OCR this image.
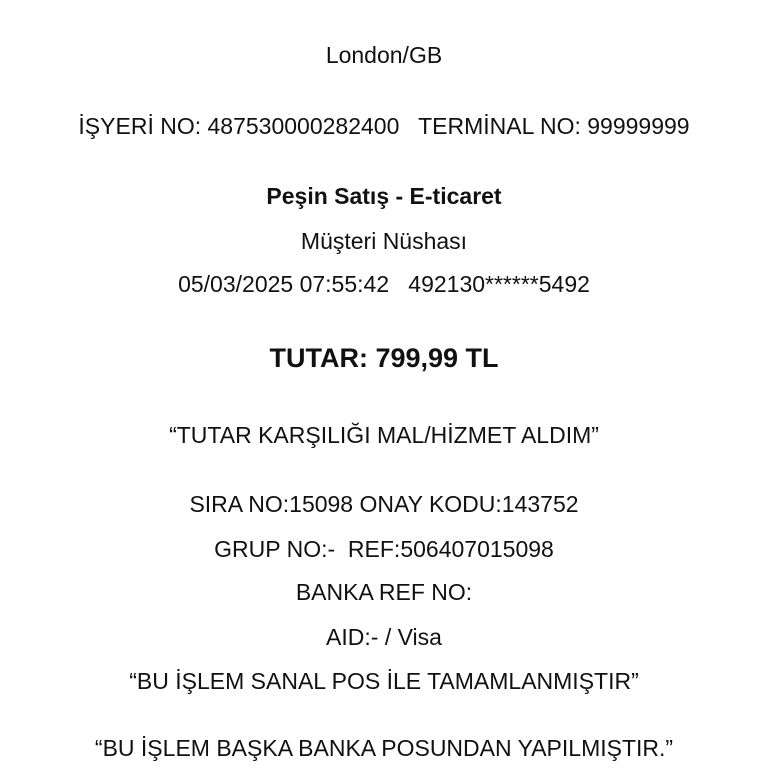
London/GB
İŞYERİ NO: 487530000282400   TERMİNAL NO: 99999999
Peşin Satış - E-ticaret
Müşteri Nüshası
05/03/2025 07:55:42   492130******5492
TUTAR: 799,99 TL
“TUTAR KARŞILIĞI MAL/HİZMET ALDIM”
SIRA NO:15098 ONAY KODU:143752
GRUP NO:-  REF:506407015098
BANKA REF NO:
AID:- / Visa
“BU İŞLEM SANAL POS İLE TAMAMLANMIŞTIR”
“BU İŞLEM BAŞKA BANKA POSUNDAN YAPILMIŞTIR.”
